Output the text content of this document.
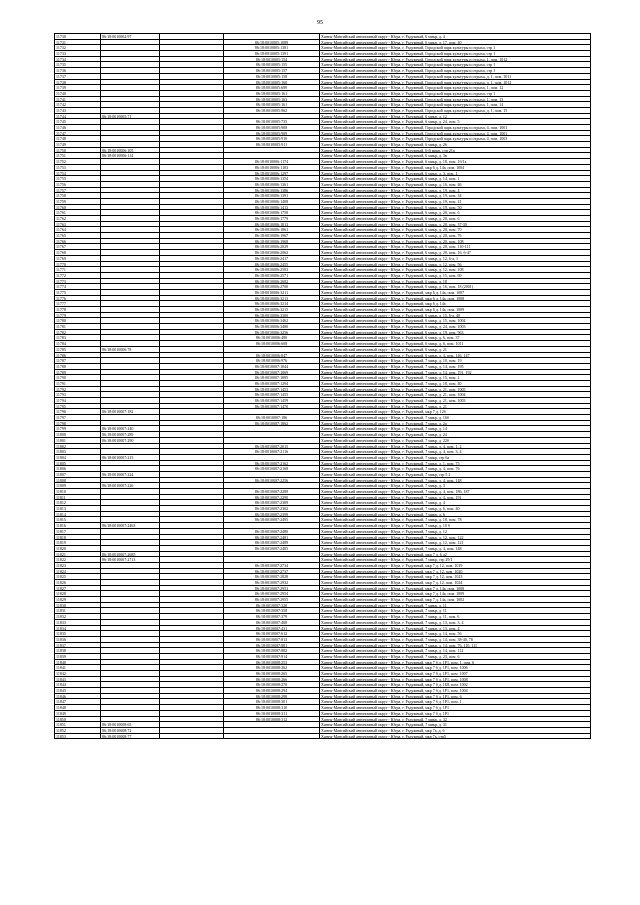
95
11730	86:18:0010002:97	Ханты-Мансийский автономный округ - Югра, г. Радужный, 6 микр, д. 4
11731	86:18:0010005:1089	Ханты-Мансийский автономный округ - Югра, г. Радужный, 6 микр, д. 17, пом. 40
11732	86:18:0010005:1381	Ханты-Мансийский автономный округ - Югра, г. Радужный, Городской парк культуры и отдыха, стр 1
11733	86:18:0010005:1391	Ханты-Мансийский автономный округ - Югра, г. Радужный, Городской парк культуры и отдыха, стр 1
11734	86:18:0010005:154	Ханты-Мансийский автономный округ - Югра, г. Радужный, Городской парк культуры и отдыха, 1, пом. 1012
11735	86:18:0010005:155	Ханты-Мансийский автономный округ - Югра, г. Радужный, Городской парк культуры и отдыха, стр 1
11736	86:18:0010005:157	Ханты-Мансийский автономный округ - Югра, г. Радужный, Городской парк культуры и отдыха, стр 1
11737	86:18:0010005:158	Ханты-Мансийский автономный округ - Югра, г. Радужный, Городской парк культуры и отдыха, д. 1, пом. 1011
11738	86:18:0010005:160	Ханты-Мансийский автономный округ - Югра, г. Радужный, Городской парк культуры и отдыха, д. 1, пом. 1012
11739	86:18:0010005:689	Ханты-Мансийский автономный округ - Югра, г. Радужный, Городской парк культуры и отдыха, 1, пом. 12
11740	86:18:0010005:161	Ханты-Мансийский автономный округ - Югра, г. Радужный, Городской парк культуры и отдыха, стр 1
11741	86:18:0010005:163	Ханты-Мансийский автономный округ - Югра, г. Радужный, Городской парк культуры и отдыха, 1, пом. 13
11742	86:18:0010005:161	Ханты-Мансийский автономный округ - Югра, г. Радужный, Городской парк культуры и отдыха, 1, пом. 14
11743	86:18:0010005:962	Ханты-Мансийский автономный округ - Югра, г. Радужный, Городской парк культуры и отдыха, д. 1, пом. 15
11744	86:18:0010005:71	Ханты-Мансийский автономный округ - Югра, г. Радужный, 6 микр, д. 12
11745	86:18:0010005:735	Ханты-Мансийский автономный округ - Югра, г. Радужный, 6 микр, д. 24, пом. 5
11746	86:18:0010005:908	Ханты-Мансийский автономный округ - Югра, г. Радужный, Городской парк культуры и отдыха, 4, пом. 1001
11747	86:18:0010005:909	Ханты-Мансийский автономный округ - Югра, г. Радужный, Городской парк культуры и отдыха, 4, пом. 1001
11748	86:18:0010005:910	Ханты-Мансийский автономный округ - Югра, г. Радужный, Городской парк культуры и отдыха, 4, пом. 1003
11749	86:18:0010005:911	Ханты-Мансийский автономный округ - Югра, г. Радужный, 6 микр, д. 26
11750	86:18:0010006:105	Ханты-Мансийский автономный округ - Югра, г. Радужный, 6-й микр, стр 21а
11751	86:18:0010006:114	Ханты-Мансийский автономный округ - Югра, г. Радужный, 6 микр, д. 3в
11752	86:18:0010006:1174	Ханты-Мансийский автономный округ - Югра, г. Радужный, 6 микр, д. 18, пом. 1б/1а
11753	86:18:0010006:1183	Ханты-Мансийский автономный округ - Югра, г. Радужный, мкр 6 д. 14а, пом. 1004
11754	86:18:0010006:1297	Ханты-Мансийский автономный округ - Югра, г. Радужный, 6 микр, д. 3, пом. 1
11755	86:18:0010006:1354	Ханты-Мансийский автономный округ - Югра, г. Радужный, 6 микр, д. 14, пом. 1
11756	86:18:0010006:1361	Ханты-Мансийский автономный округ - Югра, г. Радужный, 6 микр, д. 16, пом. 46
11757	86:18:0010006:1386	Ханты-Мансийский автономный округ - Югра, г. Радужный, 6 микр, д. 19, пом. 4
11758	86:18:0010006:1391	Ханты-Мансийский автономный округ - Югра, г. Радужный, 6 микр, д. 19, пом. 34
11759	86:18:0010006:1408	Ханты-Мансийский автономный округ - Югра, г. Радужный, 6 микр, д. 19, пом. 41
11760	86:18:0010006:1413	Ханты-Мансийский автономный округ - Югра, г. Радужный, 6 микр, д. 19, пом. 50
11761	86:18:0010006:1758	Ханты-Мансийский автономный округ - Югра, г. Радужный, 6 микр, д. 20, пом. 6
11762	86:18:0010006:1779	Ханты-Мансийский автономный округ - Югра, г. Радужный, 6 микр, д. 20, пом. 6
11763	86:18:0010006:1813	Ханты-Мансийский автономный округ - Югра, г. Радужный, 6 микр, д. 20, пом. 37-39
11764	86:18:0010006:1861	Ханты-Мансийский автономный округ - Югра, г. Радужный, 6 микр, д. 20, пом. 70
11765	86:18:0010006:1967	Ханты-Мансийский автономный округ - Югра, г. Радужный, 6 микр, д. 20, пом. 76
11766	86:18:0010006:1968	Ханты-Мансийский автономный округ - Югра, г. Радужный, 6 микр, д. 20, пом. 108
11767	86:18:0010006:2029	Ханты-Мансийский автономный округ - Югра, г. Радужный, 6 микр, д. 20, пом. 110-111
11768	86:18:0010006:2062	Ханты-Мансийский автономный округ - Югра, г. Радужный, 6 микр, д. 20, пом. 16, 6-47
11769	86:18:0010006:2417	Ханты-Мансийский автономный округ - Югра, г. Радужный, 6 микр, д. 12, 6-а, 1
11770	86:18:0010006:2455	Ханты-Мансийский автономный округ - Югра, г. Радужный, 6 микр, д. 12, пом. 56
11771	86:18:0010006:2503	Ханты-Мансийский автономный округ - Югра, г. Радужный, 6 микр, д. 12, пом. 108
11772	86:18:0010006:2571	Ханты-Мансийский автономный округ - Югра, г. Радужный, 6 микр, д. 15, пом. 69
11773	86:18:0010006:2682	Ханты-Мансийский автономный округ - Югра, г. Радужный, 6 микр, д. 18
11774	86:18:0010006:2700	Ханты-Мансийский автономный округ - Югра, г. Радужный, 6 микр, д. 16, пом. 18 (2001)
11775	86:18:0010006:3211	Ханты-Мансийский автономный округ - Югра, г. Радужный, мкр 6 д. 14а, пом. 1007
11776	86:18:0010006:3213	Ханты-Мансийский автономный округ - Югра, г. Радужный, мкр 6 д. 14а, пом. 1008
11777	86:18:0010006:3214	Ханты-Мансийский автономный округ - Югра, г. Радужный, мкр 6 д. 14а
11778	86:18:0010006:3215	Ханты-Мансийский автономный округ - Югра, г. Радужный, мкр 6 д. 14а, пом. 1009
11779	86:18:0010006:3300	Ханты-Мансийский автономный округ - Югра, г. Радужный, 6 микр, д. 15, 6-а, 40
11780	86:18:0010006:3462	Ханты-Мансийский автономный округ - Югра, г. Радужный, 6 микр, д. 15, пом. 1004
11781	86:18:0010006:3480	Ханты-Мансийский автономный округ - Югра, г. Радужный, 6 микр, д. 24, пом. 1003
11782	86:18:0010006:3256	Ханты-Мансийский автономный округ - Югра, г. Радужный, 6 микр, д. 19, пом. 963
11783	86:18:0010006:480	Ханты-Мансийский автономный округ - Югра, г. Радужный, 6 микр, д. 6, пом. 37
11784	86:18:0010006:608	Ханты-Мансийский автономный округ - Югра, г. Радужный, 6 микр, д. 6, пом. 1011
11785	86:18:0010006:78	Ханты-Мансийский автономный округ - Югра, г. Радужный, 6 микр, д. 21
11786	86:18:0010006:847	Ханты-Мансийский автономный округ - Югра, г. Радужный, 6 микр, д. 4, пом. 146, 147
11787	86:18:0010006:976	Ханты-Мансийский автономный округ - Югра, г. Радужный, 7 микр, д. 10, пом. 19
11788	86:18:0010007:1044	Ханты-Мансийский автономный округ - Югра, г. Радужный, 7 микр, д. 14, пом. 195
11789	86:18:0010007:1069	Ханты-Мансийский автономный округ - Югра, г. Радужный, 7 микр, д. 14, пом. 191, 192
11790	86:18:0010007:1085	Ханты-Мансийский автономный округ - Югра, г. Радужный, 7 микр, д. 15, пом. 1
11791	86:18:0010007:1294	Ханты-Мансийский автономный округ - Югра, г. Радужный, 7 микр, д. 18, пом. 40
11792	86:18:0010007:1453	Ханты-Мансийский автономный округ - Югра, г. Радужный, 7 микр, д. 21, пом. 1005
11793	86:18:0010007:1455	Ханты-Мансийский автономный округ - Югра, г. Радужный, 7 микр, д. 21, пом. 1004
11794	86:18:0010007:1459	Ханты-Мансийский автономный округ - Югра, г. Радужный, 7 микр, д. 21, пом. 1003
11795	86:18:0010007:1470	Ханты-Мансийский автономный округ - Югра, г. Радужный, 7 микр, д. 21
11796	86:18:0010007:182	Ханты-Мансийский автономный округ - Югра, г. Радужный, мкр 7 д. 12б
11797	86:18:0010007:186	Ханты-Мансийский автономный округ - Югра, г. Радужный, 7 микр, д. 16б
11798	86:18:0010007:1862	Ханты-Мансийский автономный округ - Югра, г. Радужный, 7 микр, д. 2а
11799	86:18:0010007:240	Ханты-Мансийский автономный округ - Югра, г. Радужный, 7 микр, д. 14
11800	86:18:0010007:289	Ханты-Мансийский автономный округ - Югра, г. Радужный, 7 микр, д. 24
11801	86:18:0010007:290	Ханты-Мансийский автономный округ - Югра, г. Радужный, 7 микр, д. 22б
11802	86:18:0010007:2015	Ханты-Мансийский автономный округ - Югра, г. Радужный, 7 микр, д. 4, пом. 1, 2
11803	86:18:0010007:2116	Ханты-Мансийский автономный округ - Югра, г. Радужный, 7 микр, д. 4, пом. 3, 4
11804	86:18:0010007:215	Ханты-Мансийский автономный округ - Югра, г. Радужный, 7 микр, стр 6а
11805	86:18:0010007:2162	Ханты-Мансийский автономный округ - Югра, г. Радужный, 7 микр, д. 1, пом. 75
11806	86:18:0010007:2168	Ханты-Мансийский автономный округ - Югра, г. Радужный, 7 микр, д. 4, пом. 76
11807	86:18:0010007:224	Ханты-Мансийский автономный округ - Югра, г. Радужный, 7 микр, стр 5 2
11808	86:18:0010007:2256	Ханты-Мансийский автономный округ - Югра, г. Радужный, 7 микр, д. 4, пом. 148
11809	86:18:0010007:226	Ханты-Мансийский автономный округ - Югра, г. Радужный, 7 микр, д. 3
11810	86:18:0010007:2289	Ханты-Мансийский автономный округ - Югра, г. Радужный, 7 микр, д. 4, пом. 186, 187
11811	86:18:0010007:2290	Ханты-Мансийский автономный округ - Югра, г. Радужный, 7 микр, д. 4, пом. 191
11812	86:18:0010007:2309	Ханты-Мансийский автономный округ - Югра, г. Радужный, 7 микр, д. 4
11813	86:18:0010007:2302	Ханты-Мансийский автономный округ - Югра, г. Радужный, 7 микр, д. 6, пом. 40
11814	86:18:0010007:2399	Ханты-Мансийский автономный округ - Югра, г. Радужный, 7 микр, д. 6
11815	86:18:0010007:2495	Ханты-Мансийский автономный округ - Югра, г. Радужный, 7 микр, д. 18, пом. 78
11816	86:18:0010007:2463	Ханты-Мансийский автономный округ - Югра, г. Радужный, 7 микр, д. 10 б
11817	86:18:0010007:2480	Ханты-Мансийский автономный округ - Югра, г. Радужный, 7 микр, д. 12
11818	86:18:0010007:2481	Ханты-Мансийский автономный округ - Югра, г. Радужный, 7 микр, д. 12, пом. 122
11819	86:18:0010007:2489	Ханты-Мансийский автономный округ - Югра, г. Радужный, 7 микр, д. 12, пом. 121
11820	86:18:0010007:2485	Ханты-Мансийский автономный округ - Югра, г. Радужный, 7 микр, д. 4, пом. 148
11821	86:18:0010007:2685	Ханты-Мансийский автономный округ - Югра, г. Радужный, мкр 7 д. 6 д2
11822	86:18:0010007:2713	Ханты-Мансийский автономный округ - Югра, г. Радужный, 7 микр, стр 29/1
11823	86:18:0010007:2734	Ханты-Мансийский автономный округ - Югра, г. Радужный, мкр 7 д. 12, пом. 1019
11824	86:18:0010007:2737	Ханты-Мансийский автономный округ - Югра, г. Радужный, мкр 7 д. 12, пом. 1020
11825	86:18:0010007:2828	Ханты-Мансийский автономный округ - Югра, г. Радужный, мкр 7 д. 12, пом. 1023
11826	86:18:0010007:2932	Ханты-Мансийский автономный округ - Югра, г. Радужный, мкр 7 д. 12, пом. 1024
11827	86:18:0010007:2953	Ханты-Мансийский автономный округ - Югра, г. Радужный, мкр 7 д. 14а, пом. 1008
11828	86:18:0010007:2954	Ханты-Мансийский автономный округ - Югра, г. Радужный, мкр 7 д. 14а, пом. 1009
11829	86:18:0010007:2955	Ханты-Мансийский автономный округ - Югра, г. Радужный, мкр 7 д. 14а, пом. 1002
11830	86:18:0010007:320	Ханты-Мансийский автономный округ - Югра, г. Радужный, 7 микр, д. 11
11831	86:18:0010007:358	Ханты-Мансийский автономный округ - Югра, г. Радужный, 7 микр, д. 11
11832	86:18:0010007:379	Ханты-Мансийский автономный округ - Югра, г. Радужный, 7 микр, д. 11, пом. 6
11833	86:18:0010007:408	Ханты-Мансийский автономный округ - Югра, г. Радужный, 7 микр, д. 13, пом. 3, 4
11834	86:18:0010007:431	Ханты-Мансийский автономный округ - Югра, г. Радужный, 7 микр, д. 13, пом. 4
11835	86:18:0010007:612	Ханты-Мансийский автономный округ - Югра, г. Радужный, 7 микр, д. 14, пом. 56
11836	86:18:0010007:813	Ханты-Мансийский автономный округ - Югра, г. Радужный, 7 микр, д. 14, пом. 38-40, 78
11837	86:18:0010007:881	Ханты-Мансийский автономный округ - Югра, г. Радужный, 7 микр, д. 14, пом. 76, 110, 111
11838	86:18:0010007:882	Ханты-Мансийский автономный округ - Югра, г. Радужный, 7 микр, д. 14, пом. 112
11839	86:18:0010007:914	Ханты-Мансийский автономный округ - Югра, г. Радужный, 7 микр, д. 23, пом. 6
11840	86:18:0010008:253	Ханты-Мансийский автономный округ - Югра, г. Радужный, мкр 7 б д. 1Р1, пом. 1, пом. 6
11841	86:18:0010008:262	Ханты-Мансийский автономный округ - Югра, г. Радужный, мкр 7 б д. 1Р1, пом. 1006
11842	86:18:0010008:265	Ханты-Мансийский автономный округ - Югра, г. Радужный, мкр 7 б д. 1Р1, пом. 1007
11843	86:18:0010008:266	Ханты-Мансийский автономный округ - Югра, г. Радужный, мкр 7 б д. 1Р1, пом. 1008
11844	86:18:0010008:270	Ханты-Мансийский автономный округ - Югра, г. Радужный, мкр 7 б д. 1Б8, пом. 1002
11845	86:18:0010008:294	Ханты-Мансийский автономный округ - Югра, г. Радужный, мкр 7 б д. 1Р1, пом. 1004
11846	86:18:0010008:298	Ханты-Мансийский автономный округ - Югра, г. Радужный, мкр 7 б д. 1Р1, пом. 6
11847	86:18:0010008:301	Ханты-Мансийский автономный округ - Югра, г. Радужный, мкр 7 б д. 1Р1, пом. 1
11848	86:18:0010008:310	Ханты-Мансийский автономный округ - Югра, г. Радужный, мкр 7 б д. 1Р1
11849	86:18:0010008:311	Ханты-Мансийский автономный округ - Югра, г. Радужный, мкр 7 б д. 1Р1
11850	86:18:0010008:312	Ханты-Мансийский автономный округ - Югра, г. Радужный, 7 микр, д. 32
11851	86:18:0010008:65	Ханты-Мансийский автономный округ - Югра, г. Радужный, 7 микр, д. 31
11852	86:18:0010008:72	Ханты-Мансийский автономный округ - Югра, г. Радужный, мкр 7а, д. 6
11853	86:18:0010008:77	Ханты-Мансийский автономный округ - Югра, г. Радужный, мкр 7а, стр5
